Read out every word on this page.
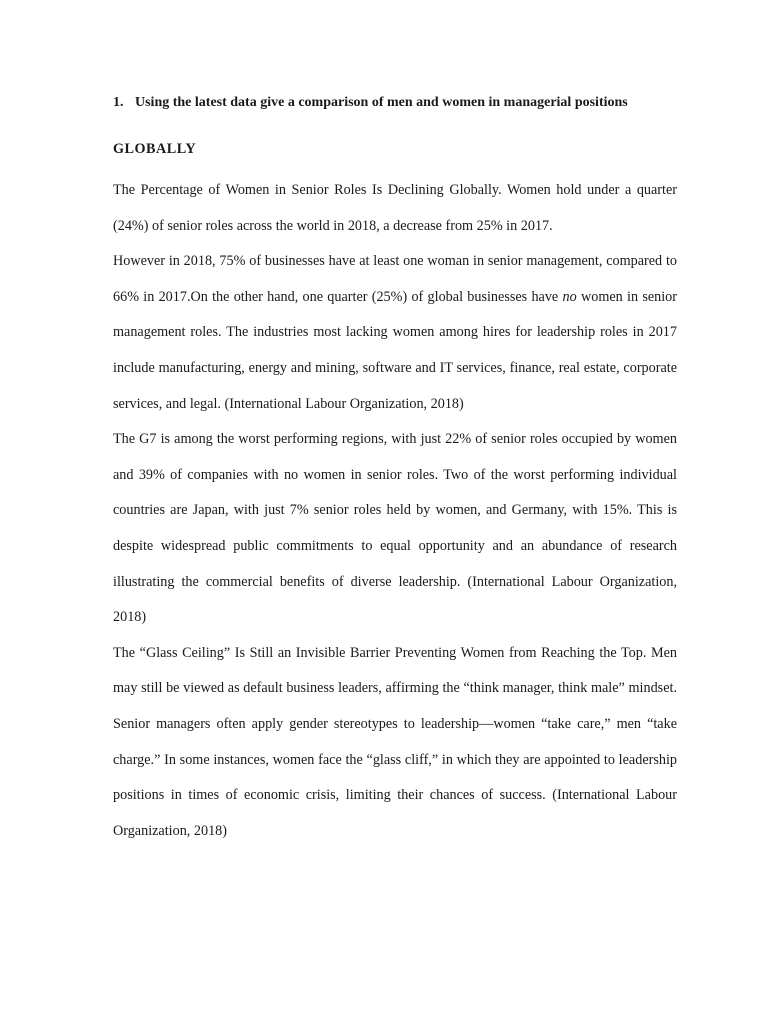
1. Using the latest data give a comparison of men and women in managerial positions

GLOBALLY

The Percentage of Women in Senior Roles Is Declining Globally. Women hold under a quarter (24%) of senior roles across the world in 2018, a decrease from 25% in 2017.

However in 2018, 75% of businesses have at least one woman in senior management, compared to 66% in 2017.On the other hand, one quarter (25%) of global businesses have no women in senior management roles. The industries most lacking women among hires for leadership roles in 2017 include manufacturing, energy and mining, software and IT services, finance, real estate, corporate services, and legal. (International Labour Organization, 2018)

The G7 is among the worst performing regions, with just 22% of senior roles occupied by women and 39% of companies with no women in senior roles. Two of the worst performing individual countries are Japan, with just 7% senior roles held by women, and Germany, with 15%. This is despite widespread public commitments to equal opportunity and an abundance of research illustrating the commercial benefits of diverse leadership. (International Labour Organization, 2018)

The “Glass Ceiling” Is Still an Invisible Barrier Preventing Women from Reaching the Top. Men may still be viewed as default business leaders, affirming the “think manager, think male” mindset. Senior managers often apply gender stereotypes to leadership—women “take care,” men “take charge.” In some instances, women face the “glass cliff,” in which they are appointed to leadership positions in times of economic crisis, limiting their chances of success. (International Labour Organization, 2018)
